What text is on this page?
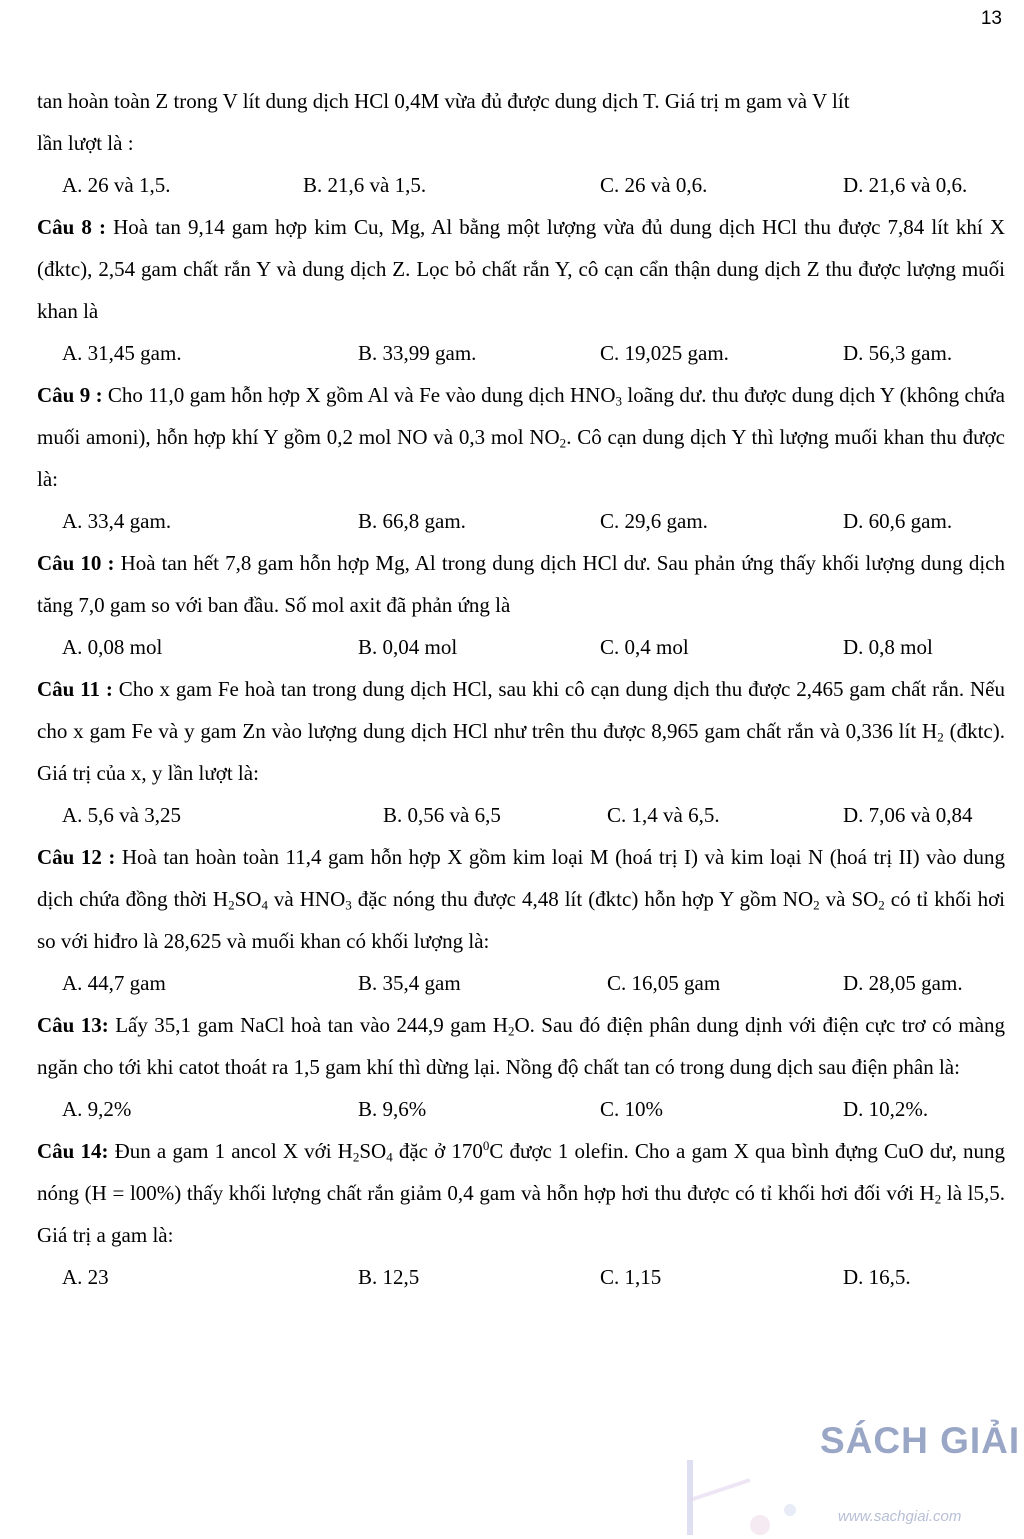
13
tan hoàn toàn Z trong V lít dung dịch HCl 0,4M vừa đủ được dung dịch T. Giá trị m gam và V lít
lần lượt là :
A. 26 và 1,5.	B. 21,6 và 1,5.	C. 26 và 0,6.	D. 21,6 và 0,6.
Câu 8 : Hoà tan 9,14 gam hợp kim Cu, Mg, Al bằng một lượng vừa đủ dung dịch HCl thu được 7,84 lít khí X (đktc), 2,54 gam chất rắn Y và dung dịch Z. Lọc bỏ chất rắn Y, cô cạn cẩn thận dung dịch Z thu được lượng muối khan là
A. 31,45 gam.	B. 33,99 gam.	C. 19,025 gam.	D. 56,3 gam.
Câu 9 : Cho 11,0 gam hỗn hợp X gồm Al và Fe vào dung dịch $HNO_3$ loãng dư. thu được dung dịch Y (không chứa muối amoni), hỗn hợp khí Y gồm 0,2 mol NO và 0,3 mol $NO_2$. Cô cạn dung dịch Y thì lượng muối khan thu được là:
A. 33,4 gam.	B. 66,8 gam.	C. 29,6 gam.	D. 60,6 gam.
Câu 10 : Hoà tan hết 7,8 gam hỗn hợp Mg, Al trong dung dịch HCl dư. Sau phản ứng thấy khối lượng dung dịch tăng 7,0 gam so với ban đầu. Số mol axit đã phản ứng là
A. 0,08 mol	B. 0,04 mol	C. 0,4 mol	D. 0,8 mol
Câu 11 : Cho x gam Fe hoà tan trong dung dịch HCl, sau khi cô cạn dung dịch thu được 2,465 gam chất rắn. Nếu cho x gam Fe và y gam Zn vào lượng dung dịch HCl như trên thu được 8,965 gam chất rắn và 0,336 lít $H_2$ (đktc). Giá trị của x, y lần lượt là:
A. 5,6 và 3,25	B. 0,56 và 6,5	C. 1,4 và 6,5.	D. 7,06 và 0,84
Câu 12 : Hoà tan hoàn toàn 11,4 gam hỗn hợp X gồm kim loại M (hoá trị I) và kim loại N (hoá trị II) vào dung dịch chứa đồng thời $H_2SO_4$ và $HNO_3$ đặc nóng thu được 4,48 lít (đktc) hỗn hợp Y gồm $NO_2$ và $SO_2$ có tỉ khối hơi so với hiđro là 28,625 và muối khan có khối lượng là:
A. 44,7 gam	B. 35,4 gam	C. 16,05 gam	D. 28,05 gam.
Câu 13: Lấy 35,1 gam NaCl hoà tan vào 244,9 gam $H_2O$. Sau đó điện phân dung dịnh với điện cực trơ có màng ngăn cho tới khi catot thoát ra 1,5 gam khí thì dừng lại. Nồng độ chất tan có trong dung dịch sau điện phân là:
A. 9,2%	B. 9,6%	C. 10%	D. 10,2%.
Câu 14: Đun a gam 1 ancol X với $H_2SO_4$ đặc ở $170^0C$ được 1 olefin. Cho a gam X qua bình đựng CuO dư, nung nóng (H = l00%) thấy khối lượng chất rắn giảm 0,4 gam và hỗn hợp hơi thu được có tỉ khối hơi đối với $H_2$ là l5,5. Giá trị a gam là:
A. 23	B. 12,5	C. 1,15	D. 16,5.
SÁCH GIẢI
www.sachgiai.com
